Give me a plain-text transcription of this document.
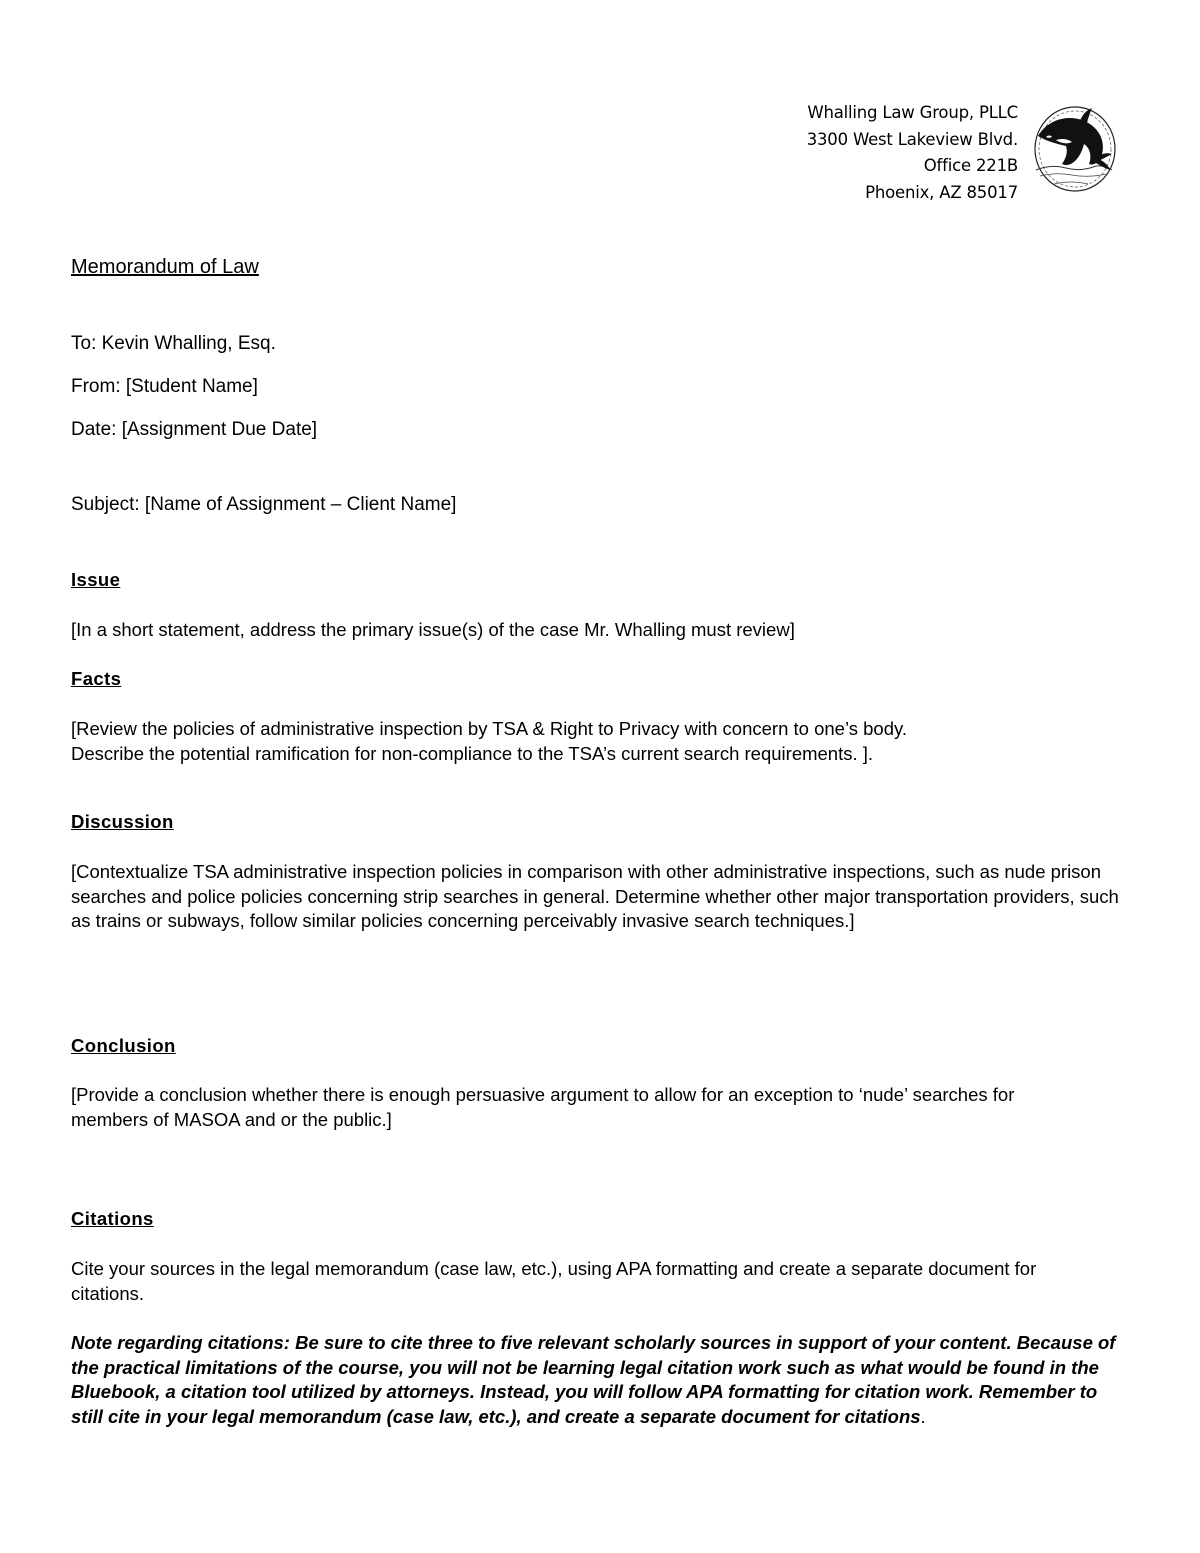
Whalling Law Group, PLLC
3300 West Lakeview Blvd.
Office 221B
Phoenix, AZ 85017
Memorandum of Law
To: Kevin Whalling, Esq.
From: [Student Name]
Date: [Assignment Due Date]
Subject: [Name of Assignment – Client Name]
Issue
[In a short statement, address the primary issue(s) of the case Mr. Whalling must review]
Facts
[Review the policies of administrative inspection by TSA & Right to Privacy with concern to one’s body.
Describe the potential ramification for non-compliance to the TSA’s current search requirements. ].
Discussion
[Contextualize TSA administrative inspection policies in comparison with other administrative inspections, such as nude prison searches and police policies concerning strip searches in general. Determine whether other major transportation providers, such as trains or subways, follow similar policies concerning perceivably invasive search techniques.]
Conclusion
[Provide a conclusion whether there is enough persuasive argument to allow for an exception to ‘nude’ searches for members of MASOA and or the public.]
Citations
Cite your sources in the legal memorandum (case law, etc.), using APA formatting and create a separate document for citations.
Note regarding citations: Be sure to cite three to five relevant scholarly sources in support of your content. Because of the practical limitations of the course, you will not be learning legal citation work such as what would be found in the Bluebook, a citation tool utilized by attorneys. Instead, you will follow APA formatting for citation work. Remember to still cite in your legal memorandum (case law, etc.), and create a separate document for citations.
